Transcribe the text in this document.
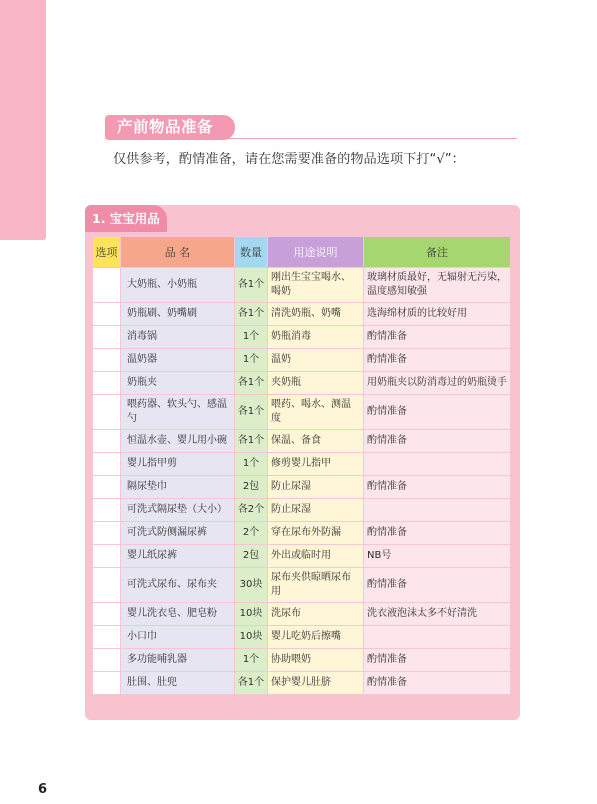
产前物品准备
仅供参考，酌情准备，请在您需要准备的物品选项下打“√”：
1. 宝宝用品
选项	品 名	数量	用途说明	备注
	大奶瓶、小奶瓶	各1个	刚出生宝宝喝水、喝奶	玻璃材质最好，无辐射无污染，温度感知敏强
	奶瓶刷、奶嘴刷	各1个	清洗奶瓶、奶嘴	选海绵材质的比较好用
	消毒锅	1个	奶瓶消毒	酌情准备
	温奶器	1个	温奶	酌情准备
	奶瓶夹	各1个	夹奶瓶	用奶瓶夹以防消毒过的奶瓶烫手
	喂药器、软头勺、感温勺	各1个	喂药、喝水、测温度	酌情准备
	恒温水壶、婴儿用小碗	各1个	保温、备食	酌情准备
	婴儿指甲剪	1个	修剪婴儿指甲	
	隔尿垫巾	2包	防止尿湿	酌情准备
	可洗式隔尿垫（大小）	各2个	防止尿湿	
	可洗式防侧漏尿裤	2个	穿在尿布外防漏	酌情准备
	婴儿纸尿裤	2包	外出或临时用	NB号
	可洗式尿布、尿布夹	30块	尿布夹供晾晒尿布用	酌情准备
	婴儿洗衣皂、肥皂粉	10块	洗尿布	洗衣液泡沫太多不好清洗
	小口巾	10块	婴儿吃奶后擦嘴	
	多功能哺乳器	1个	协助喂奶	酌情准备
	肚围、肚兜	各1个	保护婴儿肚脐	酌情准备
6
